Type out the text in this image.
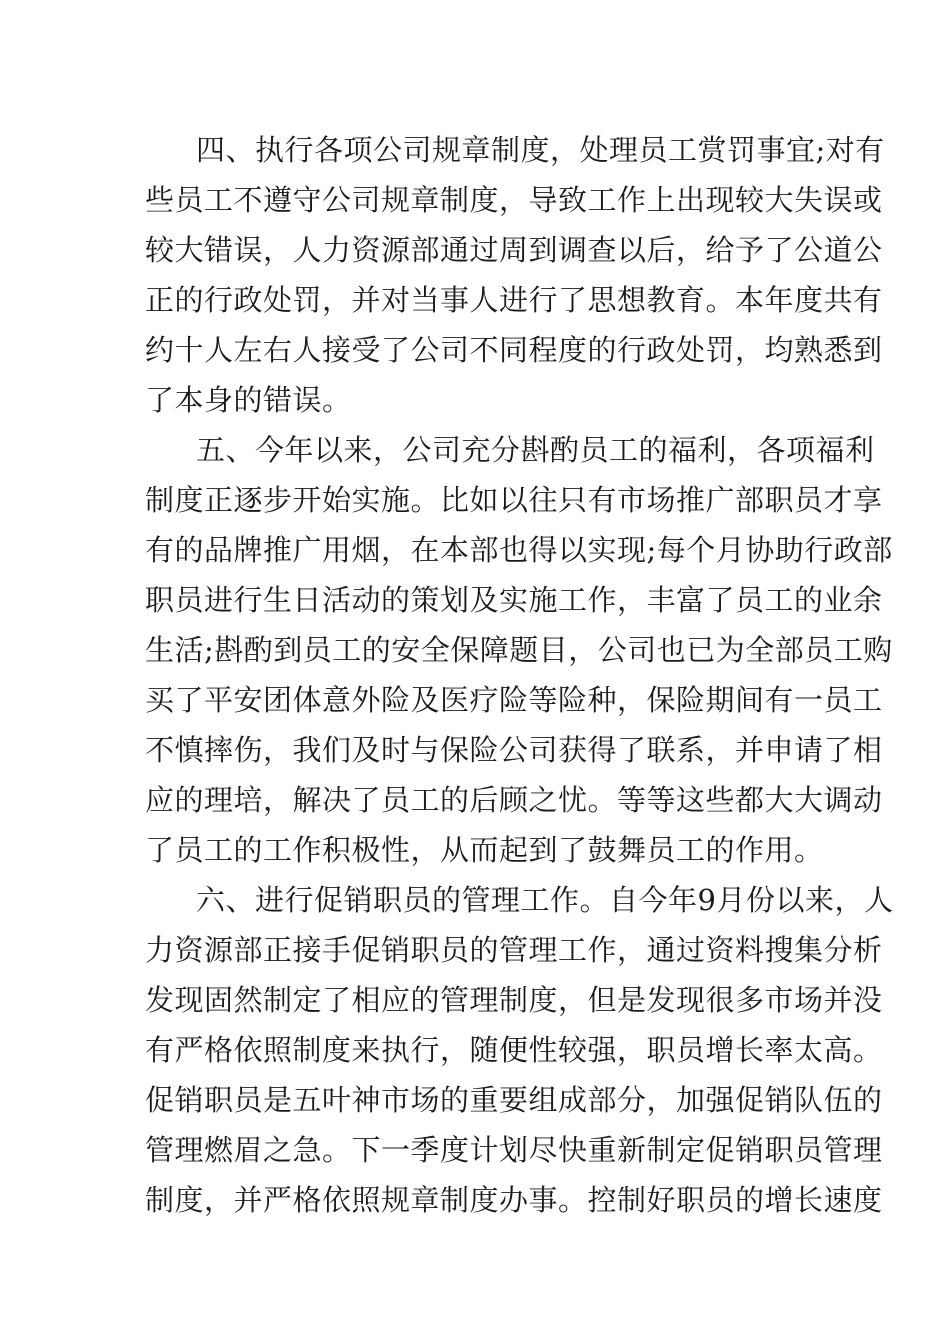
四、执行各项公司规章制度，处理员工赏罚事宜;对有
些员工不遵守公司规章制度，导致工作上出现较大失误或
较大错误，人力资源部通过周到调查以后，给予了公道公
正的行政处罚，并对当事人进行了思想教育。本年度共有
约十人左右人接受了公司不同程度的行政处罚，均熟悉到
了本身的错误。
五、今年以来，公司充分斟酌员工的福利，各项福利
制度正逐步开始实施。比如以往只有市场推广部职员才享
有的品牌推广用烟，在本部也得以实现;每个月协助行政部
职员进行生日活动的策划及实施工作，丰富了员工的业余
生活;斟酌到员工的安全保障题目，公司也已为全部员工购
买了平安团体意外险及医疗险等险种，保险期间有一员工
不慎摔伤，我们及时与保险公司获得了联系，并申请了相
应的理培，解决了员工的后顾之忧。等等这些都大大调动
了员工的工作积极性，从而起到了鼓舞员工的作用。
六、进行促销职员的管理工作。自今年9月份以来，人
力资源部正接手促销职员的管理工作，通过资料搜集分析
发现固然制定了相应的管理制度，但是发现很多市场并没
有严格依照制度来执行，随便性较强，职员增长率太高。
促销职员是五叶神市场的重要组成部分，加强促销队伍的
管理燃眉之急。下一季度计划尽快重新制定促销职员管理
制度，并严格依照规章制度办事。控制好职员的增长速度
